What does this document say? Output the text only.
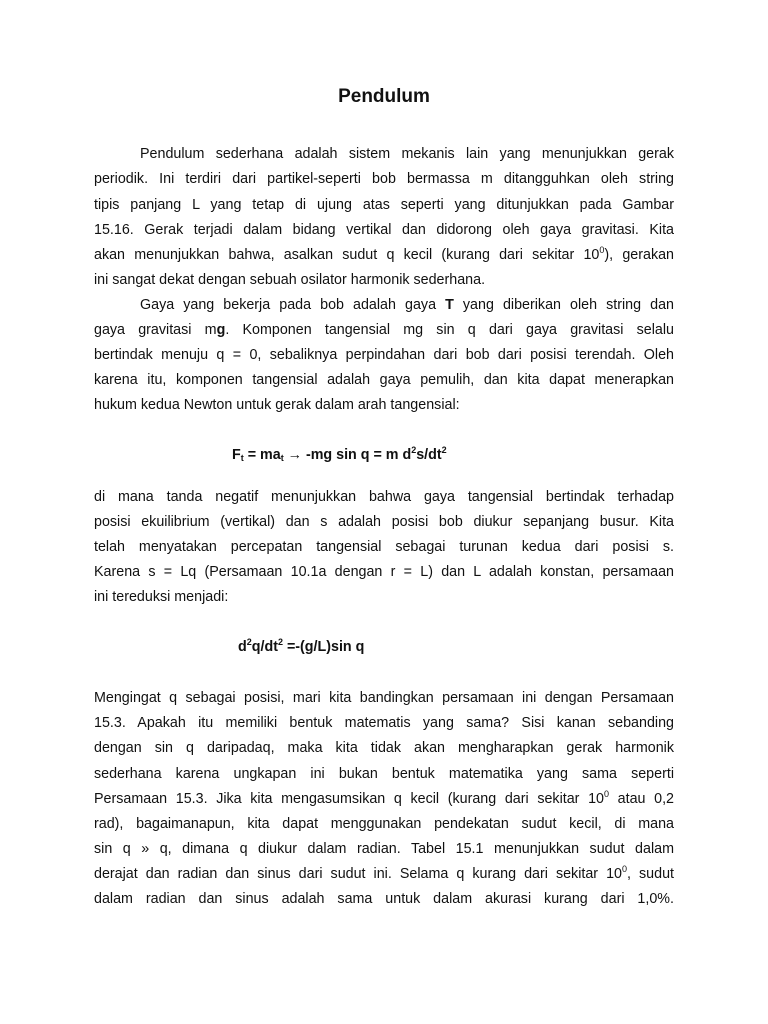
Pendulum
Pendulum sederhana adalah sistem mekanis lain yang menunjukkan gerak
periodik. Ini terdiri dari partikel-seperti bob bermassa m ditangguhkan oleh string
tipis panjang L yang tetap di ujung atas seperti yang ditunjukkan pada Gambar
15.16. Gerak terjadi dalam bidang vertikal dan didorong oleh gaya gravitasi. Kita
akan menunjukkan bahwa, asalkan sudut q kecil (kurang dari sekitar $10^0$), gerakan
ini sangat dekat dengan sebuah osilator harmonik sederhana.
Gaya yang bekerja pada bob adalah gaya T yang diberikan oleh string dan
gaya gravitasi mg. Komponen tangensial mg sin q dari gaya gravitasi selalu
bertindak menuju q = 0, sebaliknya perpindahan dari bob dari posisi terendah. Oleh
karena itu, komponen tangensial adalah gaya pemulih, dan kita dapat menerapkan
hukum kedua Newton untuk gerak dalam arah tangensial:
$F_t = ma_t \to -mg$ sin q = m $d^2s/dt^2$
di mana tanda negatif menunjukkan bahwa gaya tangensial bertindak terhadap
posisi ekuilibrium (vertikal) dan s adalah posisi bob diukur sepanjang busur. Kita
telah menyatakan percepatan tangensial sebagai turunan kedua dari posisi s.
Karena s = Lq (Persamaan 10.1a dengan r = L) dan L adalah konstan, persamaan
ini tereduksi menjadi:
$d^2q/dt^2 =-(g/L)\sin$ q
Mengingat q sebagai posisi, mari kita bandingkan persamaan ini dengan Persamaan
15.3. Apakah itu memiliki bentuk matematis yang sama? Sisi kanan sebanding
dengan sin q daripadaq, maka kita tidak akan mengharapkan gerak harmonik
sederhana karena ungkapan ini bukan bentuk matematika yang sama seperti
Persamaan 15.3. Jika kita mengasumsikan q kecil (kurang dari sekitar $10^0$ atau 0,2
rad), bagaimanapun, kita dapat menggunakan pendekatan sudut kecil, di mana
sin q » q, dimana q diukur dalam radian. Tabel 15.1 menunjukkan sudut dalam
derajat dan radian dan sinus dari sudut ini. Selama q kurang dari sekitar $10^0$, sudut
dalam radian dan sinus adalah sama untuk dalam akurasi kurang dari 1,0%.
